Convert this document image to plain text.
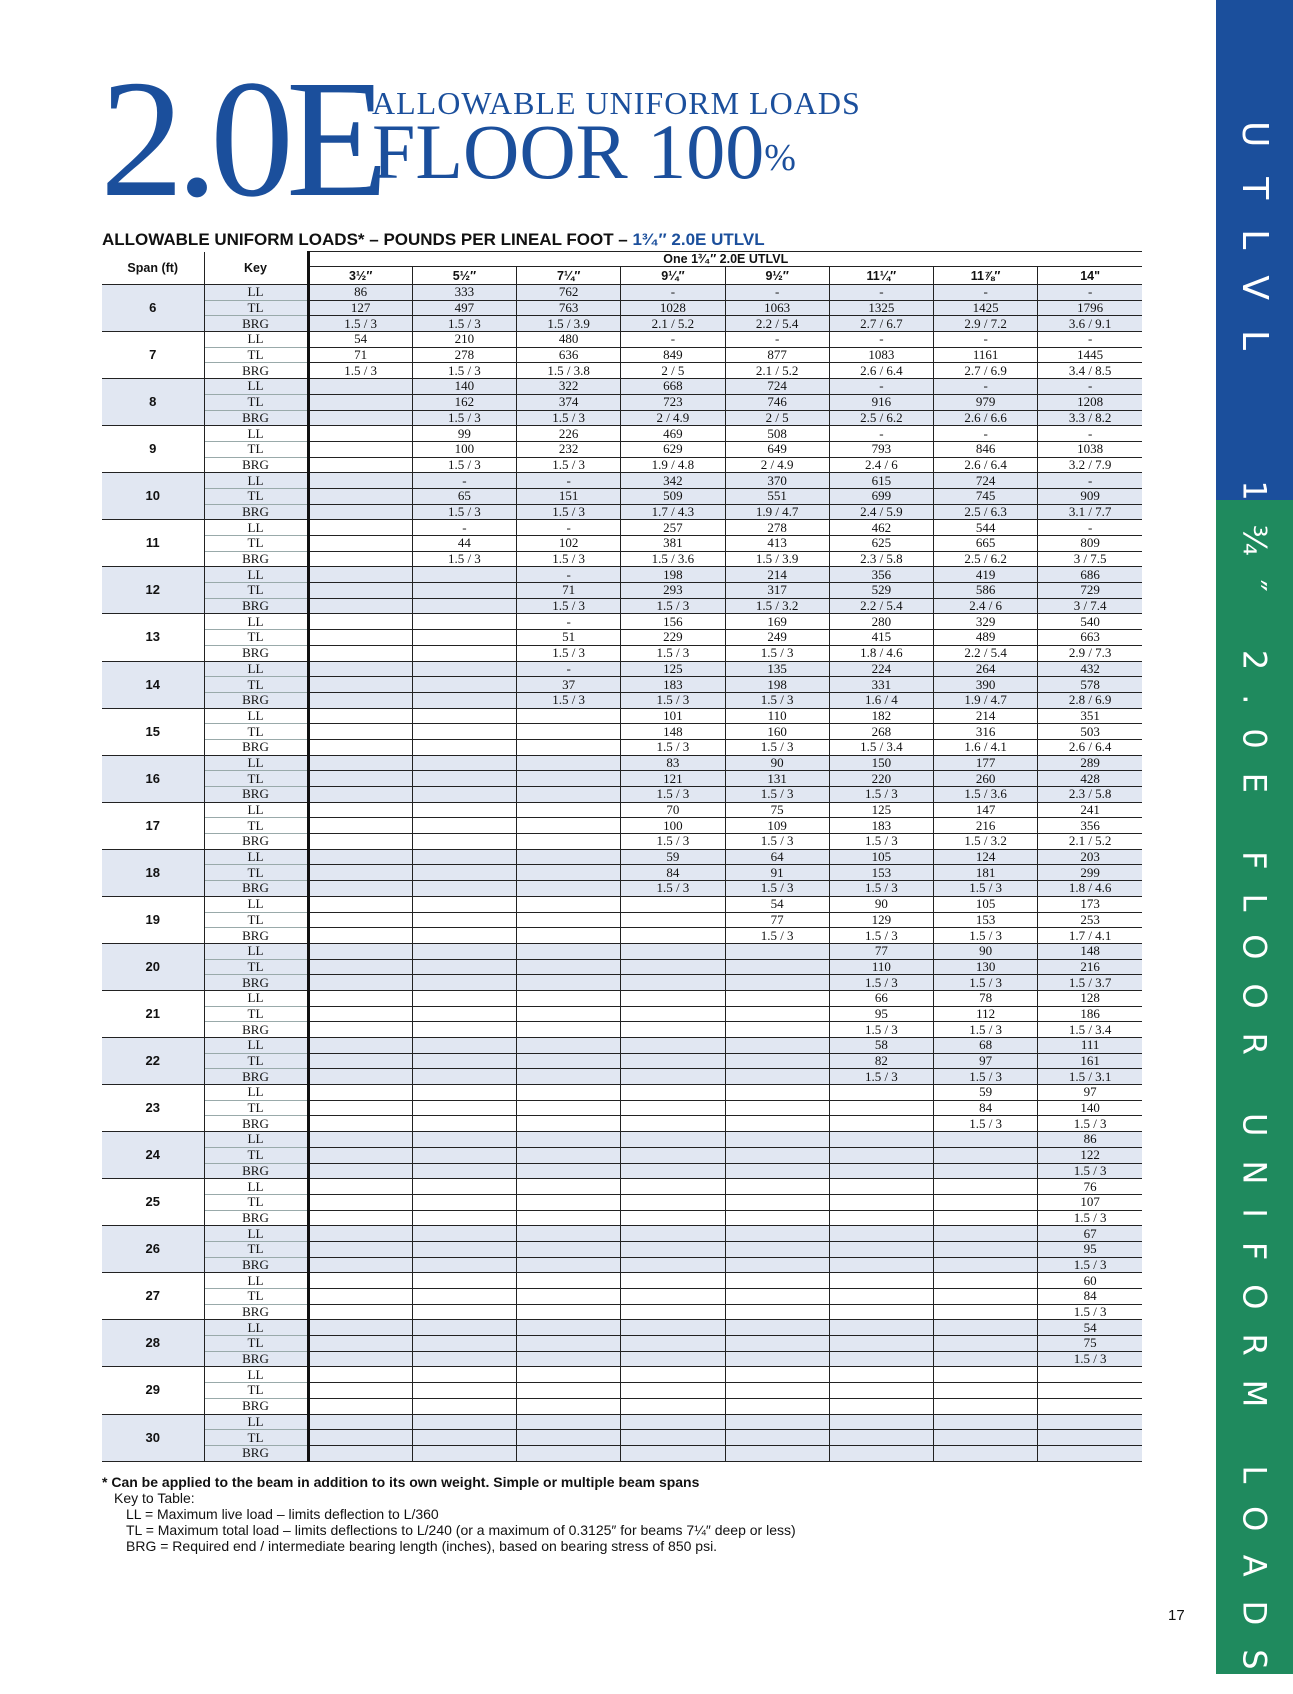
UTLVL
1¾″ 2.0E FLOOR UNIFORM LOADS
2.0E
ALLOWABLE UNIFORM LOADS
FLOOR 100%
ALLOWABLE UNIFORM LOADS* – POUNDS PER LINEAL FOOT – 1³⁄₄″ 2.0E UTLVL
Span (ft)	Key	One 1³⁄₄″ 2.0E UTLVL							
		3½″	5½″	7¼″	9¼″	9½″	11¼″	11⅞″	14"
6	LL	86	333	762	-	-	-	-	-
	TL	127	497	763	1028	1063	1325	1425	1796
	BRG	1.5 / 3	1.5 / 3	1.5 / 3.9	2.1 / 5.2	2.2 / 5.4	2.7 / 6.7	2.9 / 7.2	3.6 / 9.1
7	LL	54	210	480	-	-	-	-	-
	TL	71	278	636	849	877	1083	1161	1445
	BRG	1.5 / 3	1.5 / 3	1.5 / 3.8	2 / 5	2.1 / 5.2	2.6 / 6.4	2.7 / 6.9	3.4 / 8.5
8	LL		140	322	668	724	-	-	-
	TL		162	374	723	746	916	979	1208
	BRG		1.5 / 3	1.5 / 3	2 / 4.9	2 / 5	2.5 / 6.2	2.6 / 6.6	3.3 / 8.2
9	LL		99	226	469	508	-	-	-
	TL		100	232	629	649	793	846	1038
	BRG		1.5 / 3	1.5 / 3	1.9 / 4.8	2 / 4.9	2.4 / 6	2.6 / 6.4	3.2 / 7.9
10	LL		-	-	342	370	615	724	-
	TL		65	151	509	551	699	745	909
	BRG		1.5 / 3	1.5 / 3	1.7 / 4.3	1.9 / 4.7	2.4 / 5.9	2.5 / 6.3	3.1 / 7.7
11	LL		-	-	257	278	462	544	-
	TL		44	102	381	413	625	665	809
	BRG		1.5 / 3	1.5 / 3	1.5 / 3.6	1.5 / 3.9	2.3 / 5.8	2.5 / 6.2	3 / 7.5
12	LL			-	198	214	356	419	686
	TL			71	293	317	529	586	729
	BRG			1.5 / 3	1.5 / 3	1.5 / 3.2	2.2 / 5.4	2.4 / 6	3 / 7.4
13	LL			-	156	169	280	329	540
	TL			51	229	249	415	489	663
	BRG			1.5 / 3	1.5 / 3	1.5 / 3	1.8 / 4.6	2.2 / 5.4	2.9 / 7.3
14	LL			-	125	135	224	264	432
	TL			37	183	198	331	390	578
	BRG			1.5 / 3	1.5 / 3	1.5 / 3	1.6 / 4	1.9 / 4.7	2.8 / 6.9
15	LL				101	110	182	214	351
	TL				148	160	268	316	503
	BRG				1.5 / 3	1.5 / 3	1.5 / 3.4	1.6 / 4.1	2.6 / 6.4
16	LL				83	90	150	177	289
	TL				121	131	220	260	428
	BRG				1.5 / 3	1.5 / 3	1.5 / 3	1.5 / 3.6	2.3 / 5.8
17	LL				70	75	125	147	241
	TL				100	109	183	216	356
	BRG				1.5 / 3	1.5 / 3	1.5 / 3	1.5 / 3.2	2.1 / 5.2
18	LL				59	64	105	124	203
	TL				84	91	153	181	299
	BRG				1.5 / 3	1.5 / 3	1.5 / 3	1.5 / 3	1.8 / 4.6
19	LL					54	90	105	173
	TL					77	129	153	253
	BRG					1.5 / 3	1.5 / 3	1.5 / 3	1.7 / 4.1
20	LL						77	90	148
	TL						110	130	216
	BRG						1.5 / 3	1.5 / 3	1.5 / 3.7
21	LL						66	78	128
	TL						95	112	186
	BRG						1.5 / 3	1.5 / 3	1.5 / 3.4
22	LL						58	68	111
	TL						82	97	161
	BRG						1.5 / 3	1.5 / 3	1.5 / 3.1
23	LL							59	97
	TL							84	140
	BRG							1.5 / 3	1.5 / 3
24	LL								86
	TL								122
	BRG								1.5 / 3
25	LL								76
	TL								107
	BRG								1.5 / 3
26	LL								67
	TL								95
	BRG								1.5 / 3
27	LL								60
	TL								84
	BRG								1.5 / 3
28	LL								54
	TL								75
	BRG								1.5 / 3
29	LL								
	TL								
	BRG								
30	LL								
	TL								
	BRG								
* Can be applied to the beam in addition to its own weight. Simple or multiple beam spans
Key to Table:
LL = Maximum live load – limits deflection to L/360
TL = Maximum total load – limits deflections to L/240 (or a maximum of 0.3125″ for beams 7¼″ deep or less)
BRG = Required end / intermediate bearing length (inches), based on bearing stress of 850 psi.
17
